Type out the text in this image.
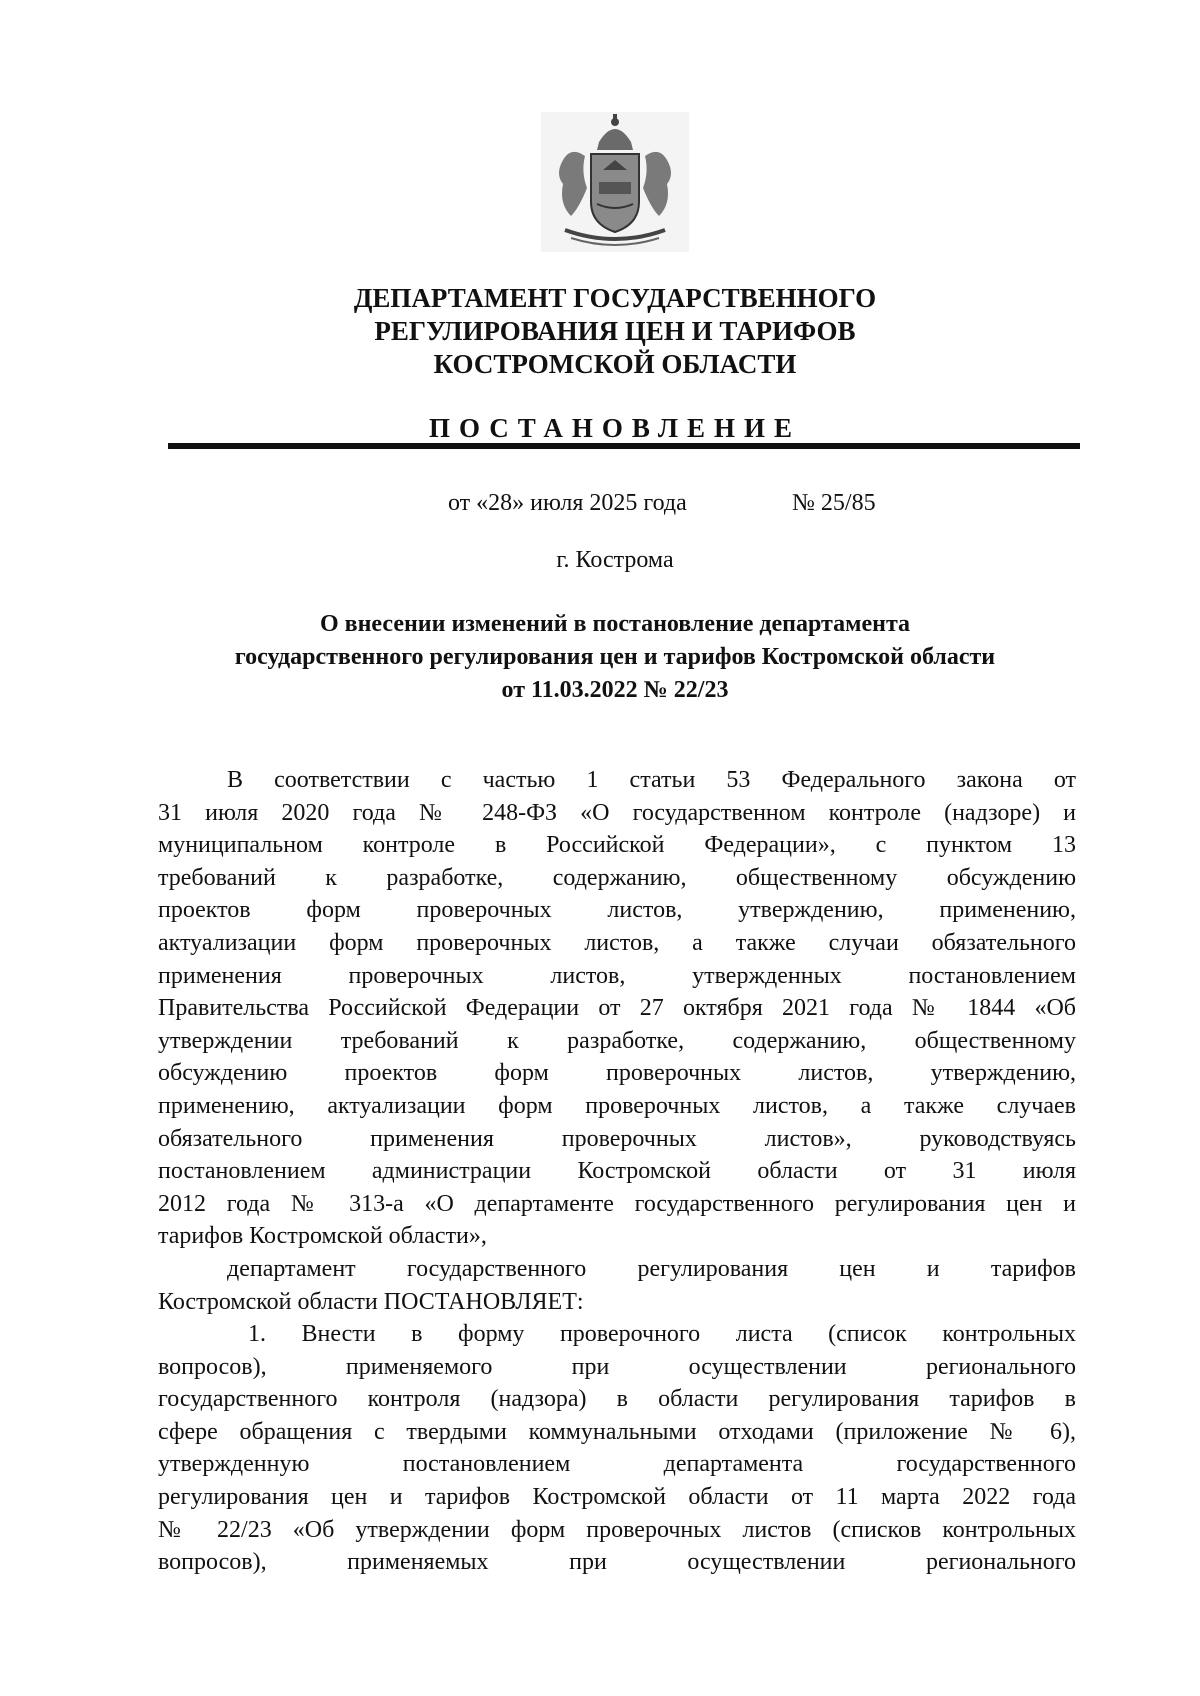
ДЕПАРТАМЕНТ ГОСУДАРСТВЕННОГО
РЕГУЛИРОВАНИЯ ЦЕН И ТАРИФОВ
КОСТРОМСКОЙ ОБЛАСТИ
ПОСТАНОВЛЕНИЕ
от «28» июля 2025 года	№ 25/85
г. Кострома
О внесении изменений в постановление департамента
государственного регулирования цен и тарифов Костромской области
от 11.03.2022 № 22/23
В соответствии с частью 1 статьи 53 Федерального закона от
31 июля 2020 года № 248-ФЗ «О государственном контроле (надзоре) и
муниципальном контроле в Российской Федерации», с пунктом 13
требований к разработке, содержанию, общественному обсуждению
проектов форм проверочных листов, утверждению, применению,
актуализации форм проверочных листов, а также случаи обязательного
применения проверочных листов, утвержденных постановлением
Правительства Российской Федерации от 27 октября 2021 года № 1844 «Об
утверждении требований к разработке, содержанию, общественному
обсуждению проектов форм проверочных листов, утверждению,
применению, актуализации форм проверочных листов, а также случаев
обязательного применения проверочных листов», руководствуясь
постановлением администрации Костромской области от 31 июля
2012 года № 313-а «О департаменте государственного регулирования цен и
тарифов Костромской области»,
департамент государственного регулирования цен и тарифов
Костромской области ПОСТАНОВЛЯЕТ:
1. Внести в форму проверочного листа (список контрольных
вопросов), применяемого при осуществлении регионального
государственного контроля (надзора) в области регулирования тарифов в
сфере обращения с твердыми коммунальными отходами (приложение № 6),
утвержденную постановлением департамента государственного
регулирования цен и тарифов Костромской области от 11 марта 2022 года
№ 22/23 «Об утверждении форм проверочных листов (списков контрольных
вопросов), применяемых при осуществлении регионального
